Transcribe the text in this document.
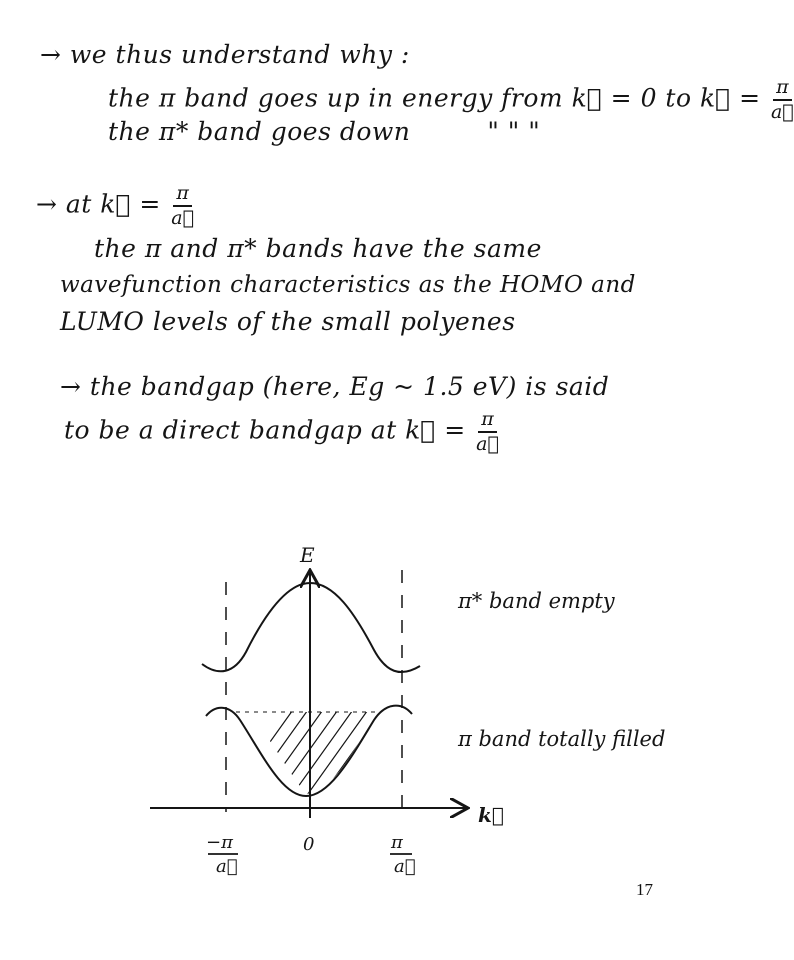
→ we thus understand why :
the π band goes up in energy from k⃗ = 0 to k⃗ = $\frac{\pi}{a⃗}$
the π* band goes down	" " "
→ at k⃗ = $\frac{\pi}{a⃗}$
the π and π* bands have the same
wavefunction characteristics as the HOMO and
LUMO levels of the small polyenes
→ the bandgap (here, Eg ~ 1.5 eV) is said
to be a direct bandgap at k⃗ = $\frac{\pi}{a⃗}$
E
k⃗
−π
a⃗
0	π
a⃗
π* band empty
π band totally filled
17
